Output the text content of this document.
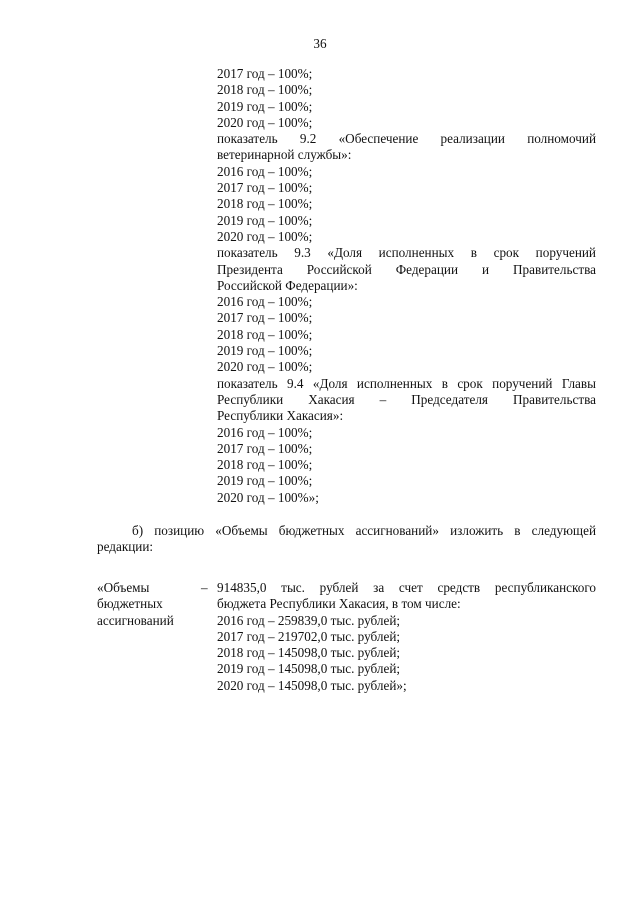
36
2017 год – 100%;
2018 год – 100%;
2019 год – 100%;
2020 год – 100%;
показатель 9.2 «Обеспечение реализации полномочий
ветеринарной службы»:
2016 год – 100%;
2017 год – 100%;
2018 год – 100%;
2019 год – 100%;
2020 год – 100%;
показатель 9.3 «Доля исполненных в срок поручений
Президента Российской Федерации и Правительства
Российской Федерации»:
2016 год – 100%;
2017 год – 100%;
2018 год – 100%;
2019 год – 100%;
2020 год – 100%;
показатель 9.4 «Доля исполненных в срок поручений Главы
Республики Хакасия – Председателя Правительства
Республики Хакасия»:
2016 год – 100%;
2017 год – 100%;
2018 год – 100%;
2019 год – 100%;
2020 год – 100%»;
б) позицию «Объемы бюджетных ассигнований» изложить в следующей
редакции:
«Объемы
бюджетных
ассигнований
– 914835,0 тыс. рублей за счет средств республиканского
бюджета Республики Хакасия, в том числе:
2016 год – 259839,0 тыс. рублей;
2017 год – 219702,0 тыс. рублей;
2018 год – 145098,0 тыс. рублей;
2019 год – 145098,0 тыс. рублей;
2020 год – 145098,0 тыс. рублей»;
